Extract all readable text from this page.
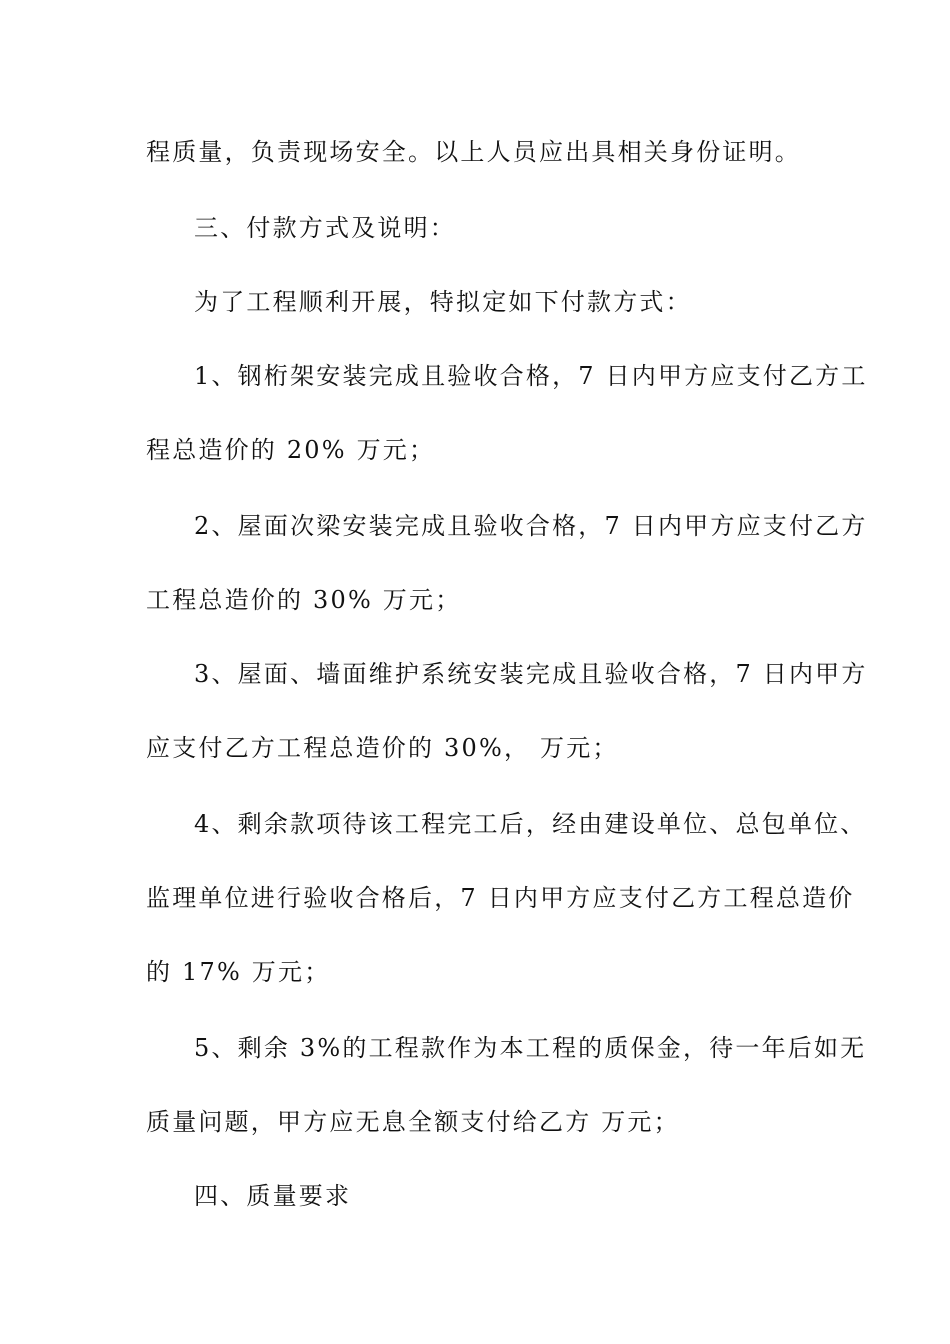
程质量，负责现场安全。以上人员应出具相关身份证明。
三、付款方式及说明：
为了工程顺利开展，特拟定如下付款方式：
1、钢桁架安装完成且验收合格，7 日内甲方应支付乙方工
程总造价的 20% 万元；
2、屋面次梁安装完成且验收合格，7 日内甲方应支付乙方
工程总造价的 30% 万元；
3、屋面、墙面维护系统安装完成且验收合格，7 日内甲方
应支付乙方工程总造价的 30%， 万元；
4、剩余款项待该工程完工后，经由建设单位、总包单位、
监理单位进行验收合格后，7 日内甲方应支付乙方工程总造价
的 17% 万元；
5、剩余 3%的工程款作为本工程的质保金，待一年后如无
质量问题，甲方应无息全额支付给乙方 万元；
四、质量要求
